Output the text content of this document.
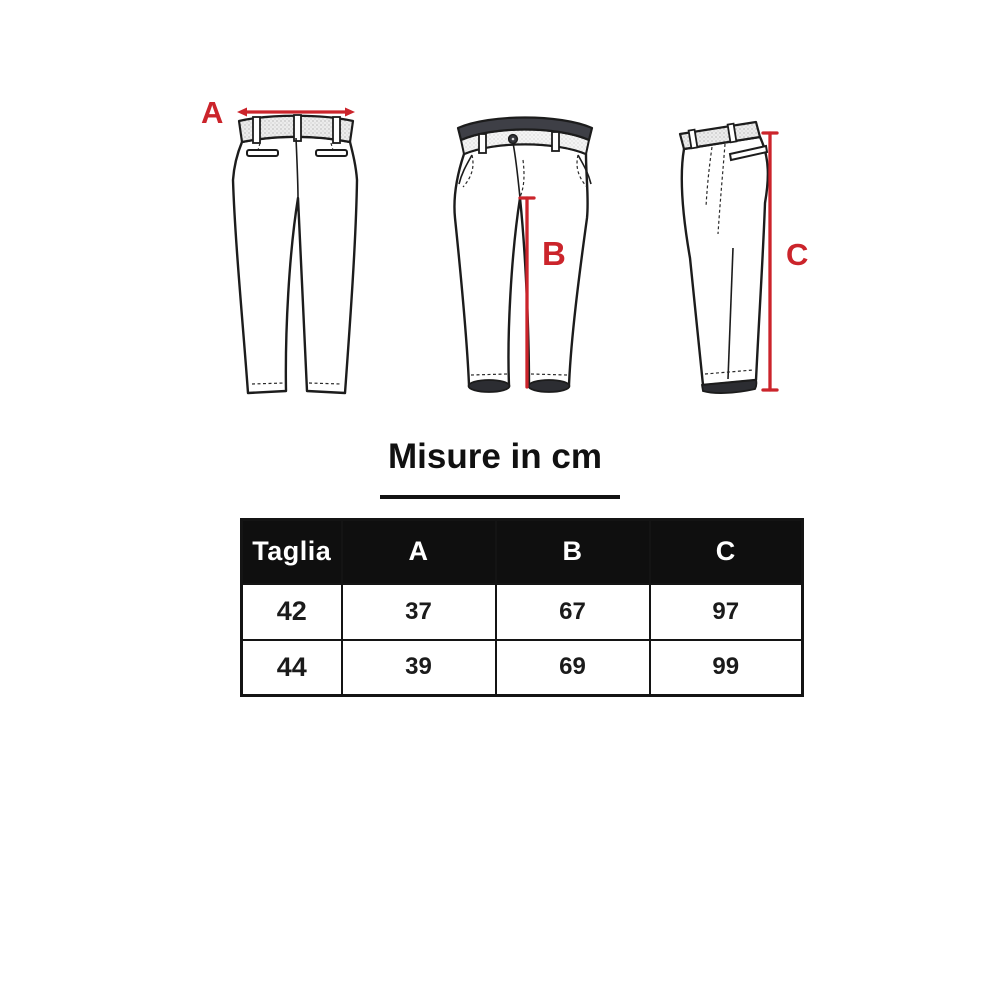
A
B	C
Misure in cm
Taglia	A	B	C
42	37	67	97
44	39	69	99
